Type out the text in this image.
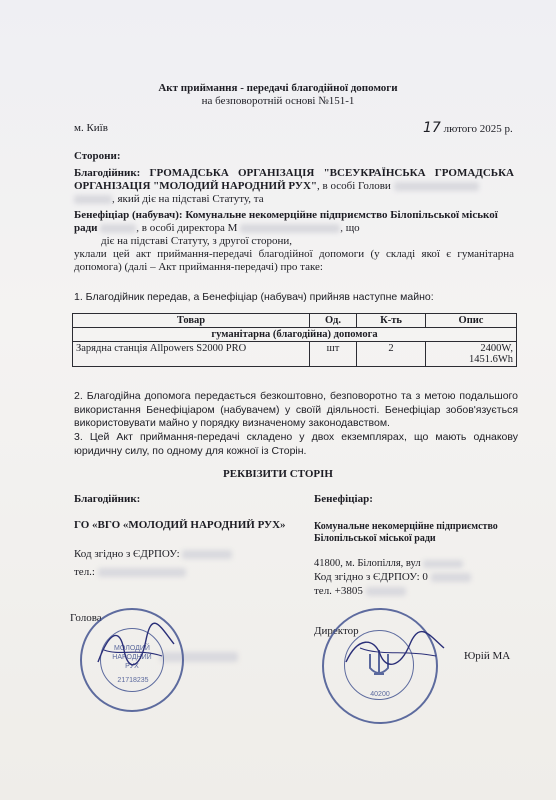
Акт приймання - передачі благодійної допомоги
на безповоротній основі №151-1
м. Київ	17 лютого 2025 р.
Сторони:
Благодійник: ГРОМАДСЬКА ОРГАНІЗАЦІЯ "ВСЕУКРАЇНСЬКА ГРОМАДСЬКА ОРГАНІЗАЦІЯ "МОЛОДИЙ НАРОДНИЙ РУХ", в особі Голови
, який діє на підставі Статуту, та
Бенефіціар (набувач): Комунальне некомерційне підприємство Білопільської міської ради	, в особі директора М	, що
діє на підставі Статуту, з другої сторони,
уклали цей акт приймання-передачі благодійної допомоги (у складі якої є гуманітарна допомога) (далі – Акт приймання-передачі) про таке:
1. Благодійник передав, а Бенефіціар (набувач) прийняв наступне майно:
Товар	Од.	К-ть	Опис
гуманітарна (благодійна) допомога			
Зарядна станція Allpowers S2000 PRO	шт	2	2400W,
1451.6Wh
2. Благодійна допомога передається безкоштовно, безповоротно та з метою подальшого використання Бенефіціаром (набувачем) у своїй діяльності. Бенефіціар зобов'язується використовувати майно у порядку визначеному законодавством.
3. Цей Акт приймання-передачі складено у двох екземплярах, що мають однакову юридичну силу, по одному для кожної із Сторін.
РЕКВІЗИТИ СТОРІН
Благодійник:
ГО «ВГО «МОЛОДИЙ НАРОДНИЙ РУХ»
Код згідно з ЄДРПОУ:
тел.:
Голова
МОЛОДИЙ
НАРОДНИЙ
РУХ
21718235
Бенефіціар:
Комунальне некомерційне підприємство
Білопільської міської ради
41800, м. Білопілля, вул
Код згідно з ЄДРПОУ: 0
тел. +3805
Директор
Юрій МА
40200
